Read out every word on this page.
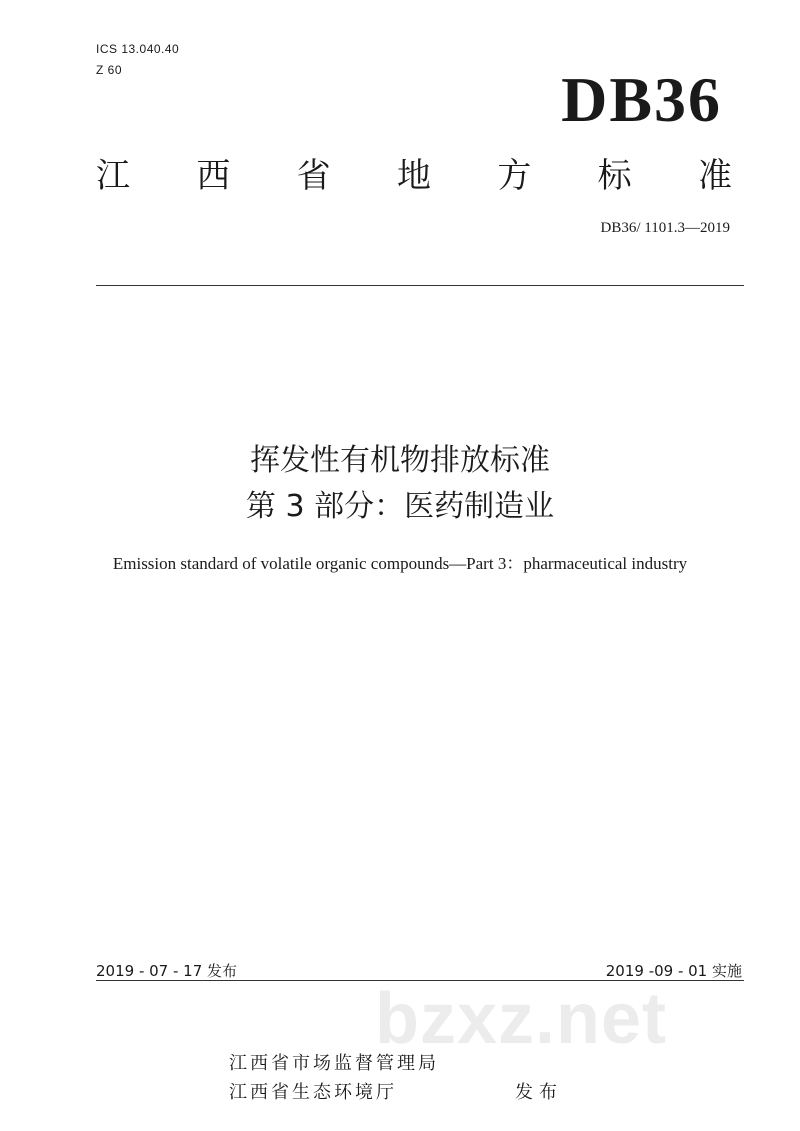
ICS 13.040.40
Z 60	DB36
江 西 省 地 方 标 准
DB36/ 1101.3—2019
挥发性有机物排放标准
第 3 部分：医药制造业
Emission standard of volatile organic compounds—Part 3：pharmaceutical industry
bzxz.net
2019 - 07 - 17 发布	2019 -09 - 01 实施
江西省市场监督管理局
江西省生态环境厅	发布
